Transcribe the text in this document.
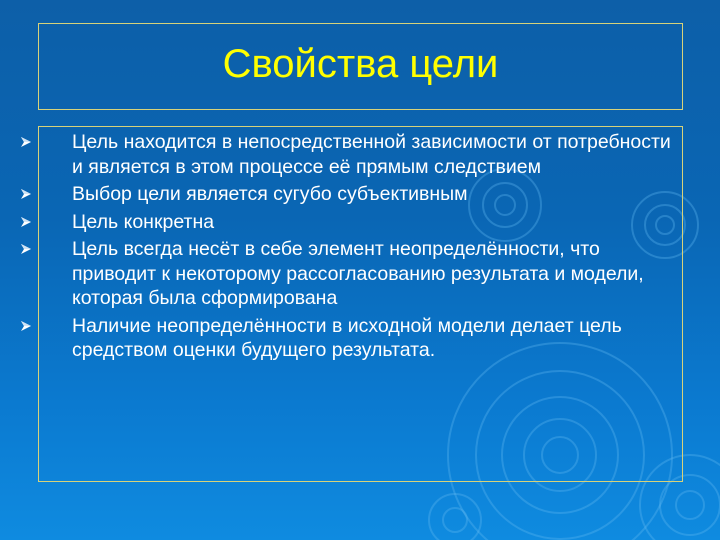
Свойства цели
Цель находится в непосредственной зависимости от потребности и является в этом процессе её прямым следствием
Выбор цели является сугубо субъективным
Цель конкретна
Цель всегда несёт в себе элемент неопределённости, что приводит к некоторому рассогласованию результата и модели, которая была сформирована
Наличие неопределённости в исходной модели делает цель средством оценки будущего результата.
